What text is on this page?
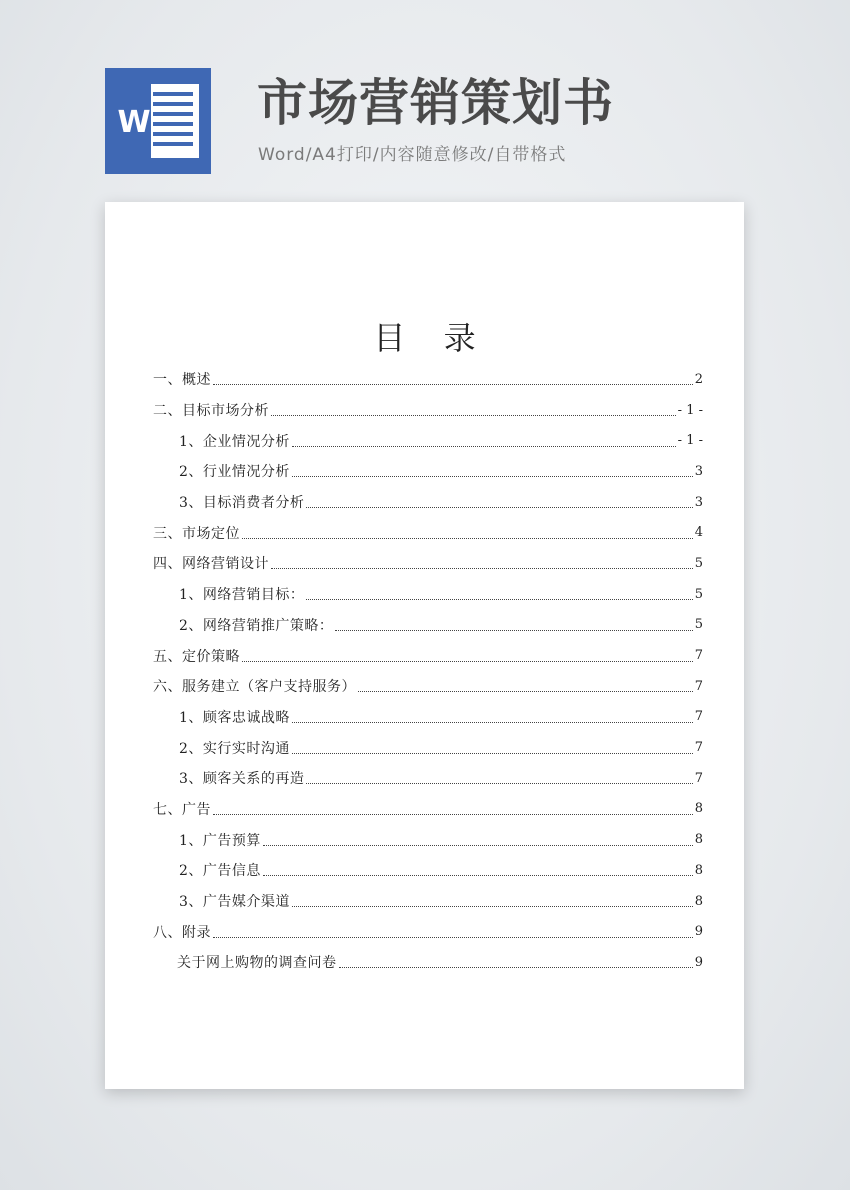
W 市场营销策划书
Word/A4打印/内容随意修改/自带格式
目 录
一、概述	2
二、目标市场分析	- 1 -
1、企业情况分析	- 1 -
2、行业情况分析	3
3、目标消费者分析	3
三、市场定位	4
四、网络营销设计	5
1、网络营销目标：	5
2、网络营销推广策略：	5
五、定价策略	7
六、服务建立（客户支持服务）	7
1、顾客忠诚战略	7
2、实行实时沟通	7
3、顾客关系的再造	7
七、广告	8
1、广告预算	8
2、广告信息	8
3、广告媒介渠道	8
八、附录	9
关于网上购物的调查问卷	9
